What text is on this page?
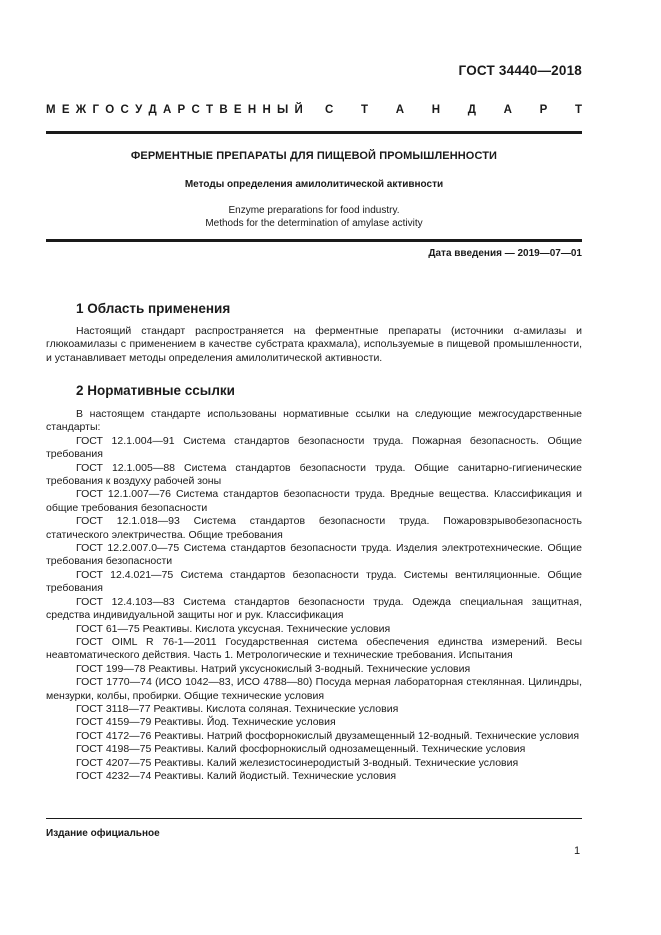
ГОСТ 34440—2018
М Е Ж Г О С У Д А Р С Т В Е Н Н Ы Й С Т А Н Д А Р Т
ФЕРМЕНТНЫЕ ПРЕПАРАТЫ ДЛЯ ПИЩЕВОЙ ПРОМЫШЛЕННОСТИ
Методы определения амилолитической активности
Enzyme preparations for food industry.
Methods for the determination of amylase activity
Дата введения — 2019—07—01
1 Область применения

Настоящий стандарт распространяется на ферментные препараты (источники α-амилазы и глюкоамилазы с применением в качестве субстрата крахмала), используемые в пищевой промышленности, и устанавливает методы определения амилолитической активности.

2 Нормативные ссылки

В настоящем стандарте использованы нормативные ссылки на следующие межгосударственные стандарты:

ГОСТ 12.1.004—91 Система стандартов безопасности труда. Пожарная безопасность. Общие требования

ГОСТ 12.1.005—88 Система стандартов безопасности труда. Общие санитарно-гигиенические требования к воздуху рабочей зоны

ГОСТ 12.1.007—76 Система стандартов безопасности труда. Вредные вещества. Классификация и общие требования безопасности

ГОСТ 12.1.018—93 Система стандартов безопасности труда. Пожаровзрывобезопасность статического электричества. Общие требования

ГОСТ 12.2.007.0—75 Система стандартов безопасности труда. Изделия электротехнические. Общие требования безопасности

ГОСТ 12.4.021—75 Система стандартов безопасности труда. Системы вентиляционные. Общие требования

ГОСТ 12.4.103—83 Система стандартов безопасности труда. Одежда специальная защитная, средства индивидуальной защиты ног и рук. Классификация

ГОСТ 61—75 Реактивы. Кислота уксусная. Технические условия

ГОСТ OIML R 76-1—2011 Государственная система обеспечения единства измерений. Весы неавтоматического действия. Часть 1. Метрологические и технические требования. Испытания

ГОСТ 199—78 Реактивы. Натрий уксуснокислый 3-водный. Технические условия

ГОСТ 1770—74 (ИСО 1042—83, ИСО 4788—80) Посуда мерная лабораторная стеклянная. Цилиндры, мензурки, колбы, пробирки. Общие технические условия

ГОСТ 3118—77 Реактивы. Кислота соляная. Технические условия

ГОСТ 4159—79 Реактивы. Йод. Технические условия

ГОСТ 4172—76 Реактивы. Натрий фосфорнокислый двузамещенный 12-водный. Технические условия

ГОСТ 4198—75 Реактивы. Калий фосфорнокислый однозамещенный. Технические условия

ГОСТ 4207—75 Реактивы. Калий железистосинеродистый 3-водный. Технические условия

ГОСТ 4232—74 Реактивы. Калий йодистый. Технические условия

Издание официальное
1
